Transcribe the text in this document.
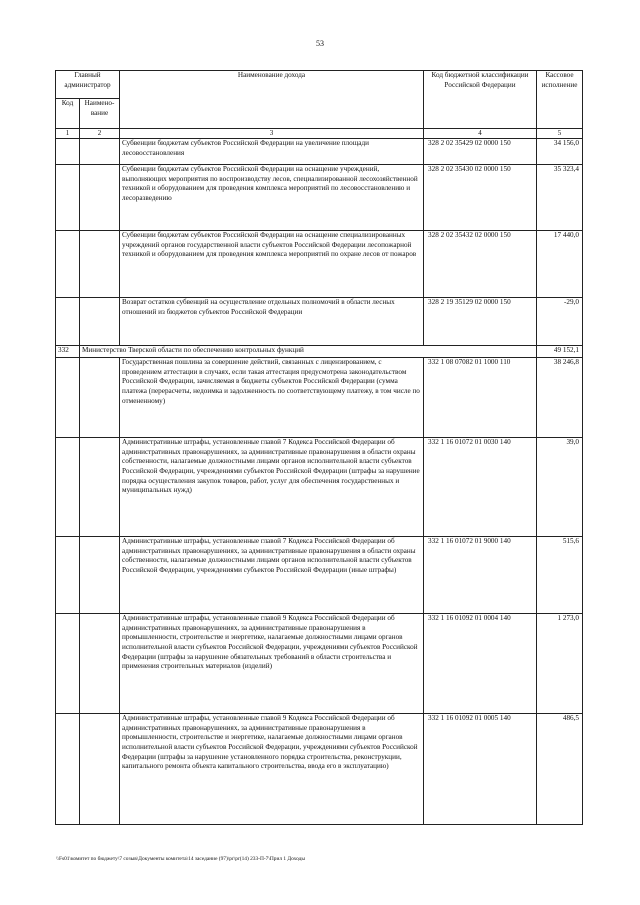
53
Главный администратор		Наименование дохода	Код бюджетной классификации Российской Федерации	Кассовое исполнение
Код	Наимено-вание			
1	2	3	4	5
		Субвенции бюджетам субъектов Российской Федерации на увеличение площади лесовосстановления	328 2 02 35429 02 0000 150	34 156,0
		Субвенции бюджетам субъектов Российской Федерации на оснащение учреждений, выполняющих мероприятия по воспроизводству лесов, специализированной лесохозяйственной техникой и оборудованием для проведения комплекса мероприятий по лесовосстановлению и лесоразведению	328 2 02 35430 02 0000 150	35 323,4
		Субвенции бюджетам субъектов Российской Федерации на оснащение специализированных учреждений органов государственной власти субъектов Российской Федерации лесопожарной техникой и оборудованием для проведения комплекса мероприятий по охране лесов от пожаров	328 2 02 35432 02 0000 150	17 440,0
		Возврат остатков субвенций на осуществление отдельных полномочий в области лесных отношений из бюджетов субъектов Российской Федерации	328 2 19 35129 02 0000 150	-29,0
332	Министерство Тверской области по обеспечению контрольных функций			49 152,1
		Государственная пошлина за совершение действий, связанных с лицензированием, с проведением аттестации в случаях, если такая аттестация предусмотрена законодательством Российской Федерации, зачисляемая в бюджеты субъектов Российской Федерации (сумма платежа (перерасчеты, недоимка и задолженность по соответствующему платежу, в том числе по отмененному)	332 1 08 07082 01 1000 110	38 246,8
		Административные штрафы, установленные главой 7 Кодекса Российской Федерации об административных правонарушениях, за административные правонарушения в области охраны собственности, налагаемые должностными лицами органов исполнительной власти субъектов Российской Федерации, учреждениями субъектов Российской Федерации (штрафы за нарушение порядка осуществления закупок товаров, работ, услуг для обеспечения государственных и муниципальных нужд)	332 1 16 01072 01 0030 140	39,0
		Административные штрафы, установленные главой 7 Кодекса Российской Федерации об административных правонарушениях, за административные правонарушения в области охраны собственности, налагаемые должностными лицами органов исполнительной власти субъектов Российской Федерации, учреждениями субъектов Российской Федерации (иные штрафы)	332 1 16 01072 01 9000 140	515,6
		Административные штрафы, установленные главой 9 Кодекса Российской Федерации об административных правонарушениях, за административные правонарушения в промышленности, строительстве и энергетике, налагаемые должностными лицами органов исполнительной власти субъектов Российской Федерации, учреждениями субъектов Российской Федерации (штрафы за нарушение обязательных требований в области строительства и применения строительных материалов (изделий)	332 1 16 01092 01 0004 140	1 273,0
		Административные штрафы, установленные главой 9 Кодекса Российской Федерации об административных правонарушениях, за административные правонарушения в промышленности, строительстве и энергетике, налагаемые должностными лицами органов исполнительной власти субъектов Российской Федерации, учреждениями субъектов Российской Федерации (штрафы за нарушение установленного порядка строительства, реконструкции, капитального ремонта объекта капитального строительства, ввода его в эксплуатацию)	332 1 16 01092 01 0005 140	486,5
\\Fs01\комитет по бюджету\7 созыв\Документы комитета\14 заседание (97)\pr\pr(14) 233-П-7\Прил 1 Доходы
